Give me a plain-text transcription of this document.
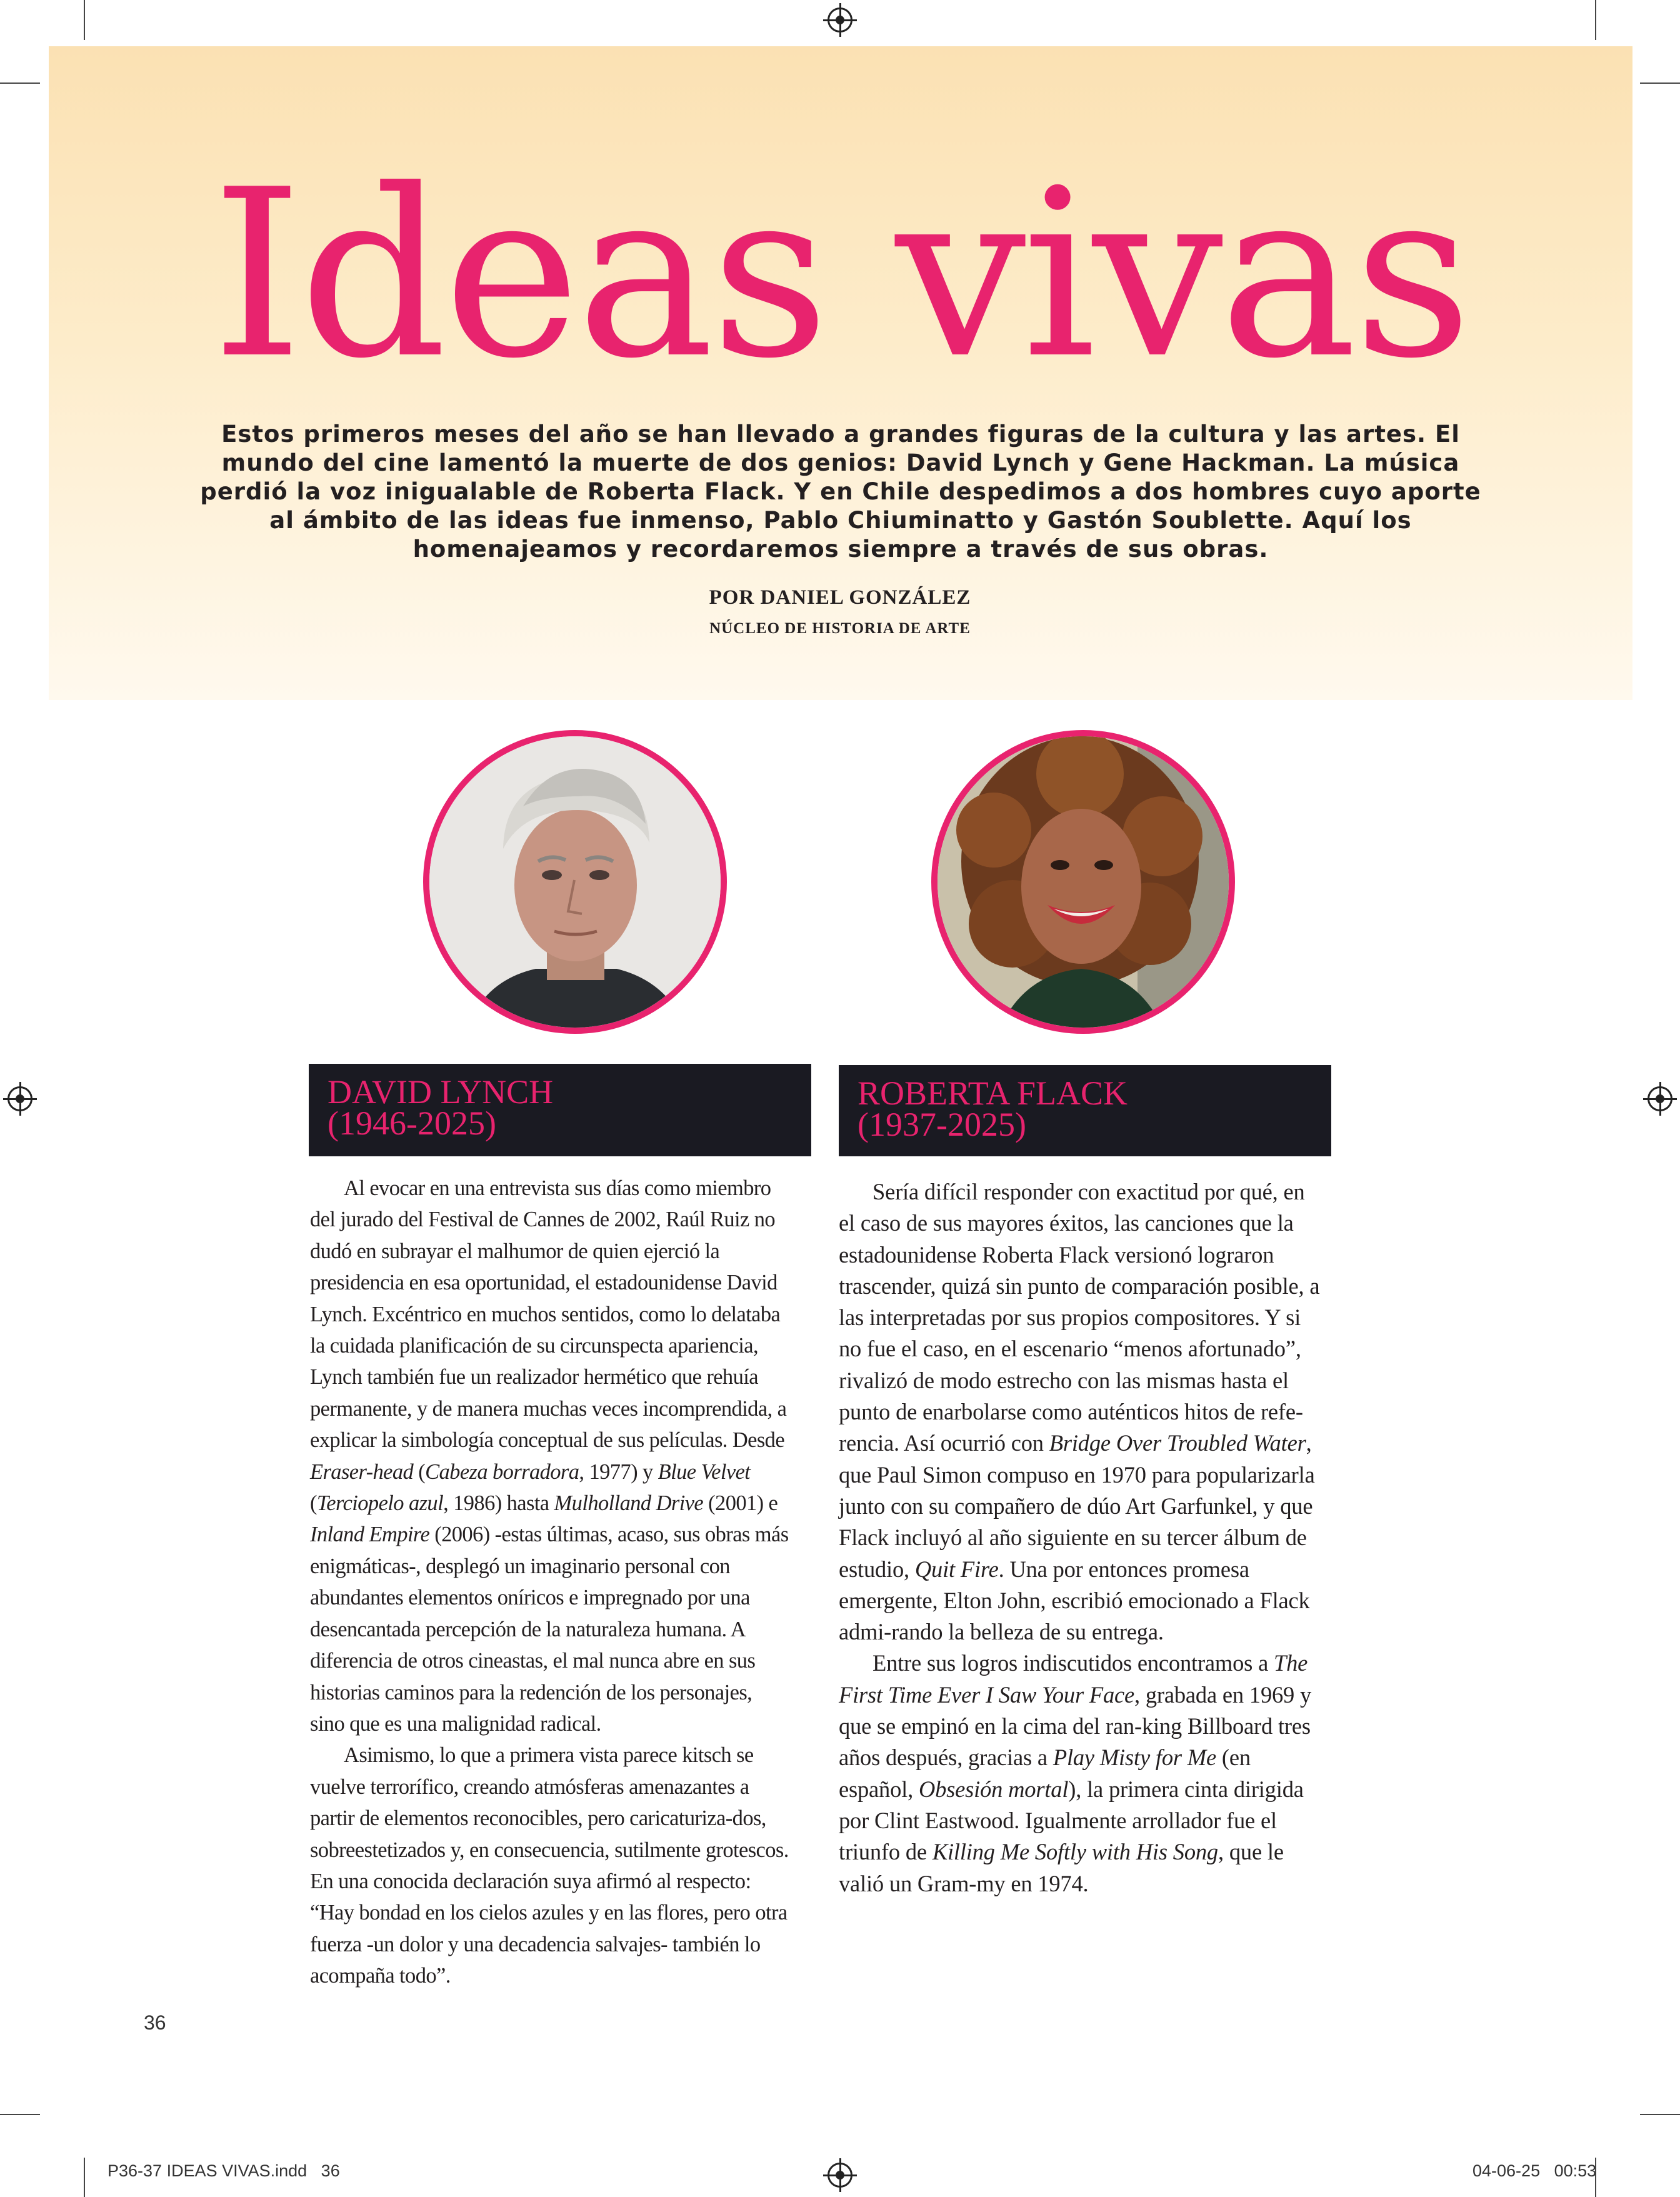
Ideas vivas
Estos primeros meses del año se han llevado a grandes figuras de la cultura y las artes. El mundo del cine lamentó la muerte de dos genios: David Lynch y Gene Hackman. La música perdió la voz inigualable de Roberta Flack. Y en Chile despedimos a dos hombres cuyo aporte al ámbito de las ideas fue inmenso, Pablo Chiuminatto y Gastón Soublette. Aquí los homenajeamos y recordaremos siempre a través de sus obras.
POR DANIEL GONZÁLEZ
NÚCLEO DE HISTORIA DE ARTE
DAVID LYNCH
(1946-2025)
ROBERTA FLACK
(1937-2025)

Al evocar en una entrevista sus días como miembro del jurado del Festival de Cannes de 2002, Raúl Ruiz no dudó en subrayar el malhumor de quien ejerció la presidencia en esa oportunidad, el estadounidense David Lynch. Excéntrico en muchos sentidos, como lo delataba la cuidada planificación de su circunspecta apariencia, Lynch también fue un realizador hermético que rehuía permanente, y de manera muchas veces incomprendida, a explicar la simbología conceptual de sus películas. Desde Eraser-head (Cabeza borradora, 1977) y Blue Velvet (Terciopelo azul, 1986) hasta Mulholland Drive (2001) e Inland Empire (2006) -estas últimas, acaso, sus obras más enigmáticas-, desplegó un imaginario personal con abundantes elementos oníricos e impregnado por una desencantada percepción de la naturaleza humana. A diferencia de otros cineastas, el mal nunca abre en sus historias caminos para la redención de los personajes, sino que es una malignidad radical.

Asimismo, lo que a primera vista parece kitsch se vuelve terrorífico, creando atmósferas amenazantes a partir de elementos reconocibles, pero caricaturiza-dos, sobreestetizados y, en consecuencia, sutilmente grotescos. En una conocida declaración suya afirmó al respecto: “Hay bondad en los cielos azules y en las flores, pero otra fuerza -un dolor y una decadencia salvajes- también lo acompaña todo”.

Sería difícil responder con exactitud por qué, en el caso de sus mayores éxitos, las canciones que la estadounidense Roberta Flack versionó lograron trascender, quizá sin punto de comparación posible, a las interpretadas por sus propios compositores. Y si no fue el caso, en el escenario “menos afortunado”, rivalizó de modo estrecho con las mismas hasta el punto de enarbolarse como auténticos hitos de refe-rencia. Así ocurrió con Bridge Over Troubled Water, que Paul Simon compuso en 1970 para popularizarla junto con su compañero de dúo Art Garfunkel, y que Flack incluyó al año siguiente en su tercer álbum de estudio, Quit Fire. Una por entonces promesa emergente, Elton John, escribió emocionado a Flack admi-rando la belleza de su entrega.

Entre sus logros indiscutidos encontramos a The First Time Ever I Saw Your Face, grabada en 1969 y que se empinó en la cima del ran-king Billboard tres años después, gracias a Play Misty for Me (en español, Obsesión mortal), la primera cinta dirigida por Clint Eastwood. Igualmente arrollador fue el triunfo de Killing Me Softly with His Song, que le valió un Gram-my en 1974.

36
P36-37 IDEAS VIVAS.indd   36	04-06-25   00:53
